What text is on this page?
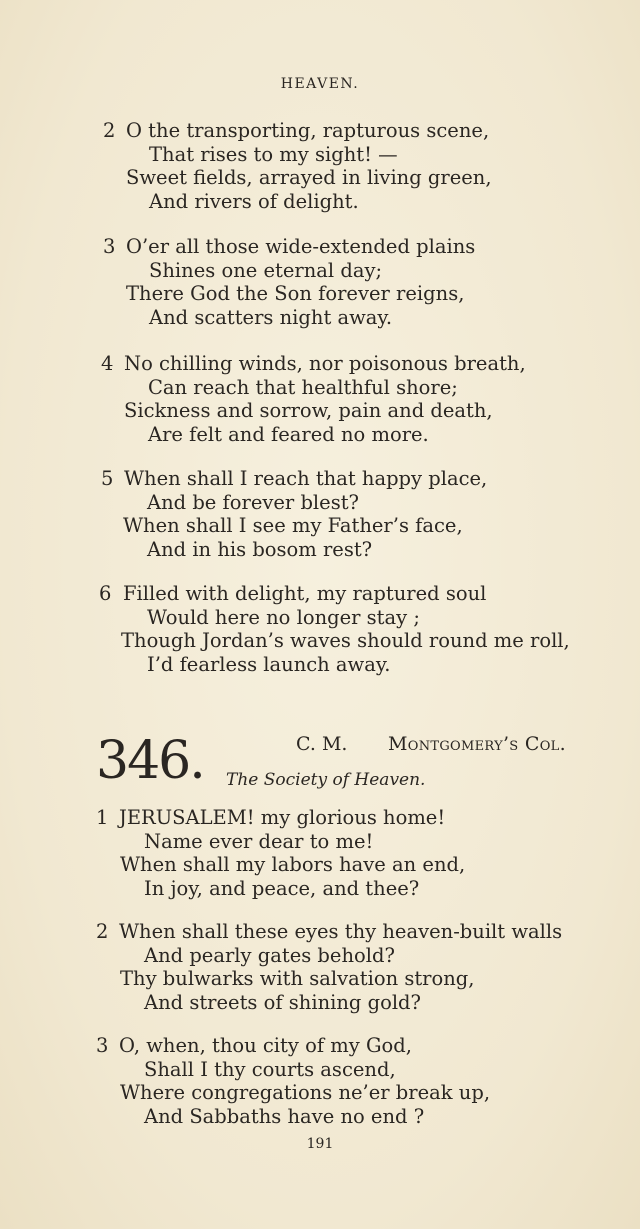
HEAVEN.
2 O the transporting, rapturous scene,
That rises to my sight! —
Sweet fields, arrayed in living green,
And rivers of delight.
3 O’er all those wide-extended plains
Shines one eternal day;
There God the Son forever reigns,
And scatters night away.
4 No chilling winds, nor poisonous breath,
Can reach that healthful shore;
Sickness and sorrow, pain and death,
Are felt and feared no more.
5 When shall I reach that happy place,
And be forever blest?
When shall I see my Father’s face,
And in his bosom rest?
6 Filled with delight, my raptured soul
Would here no longer stay ;
Though Jordan’s waves should round me roll,
I’d fearless launch away.
346.	C. M. Montgomery’s Col.
The Society of Heaven.
1 JERUSALEM! my glorious home!
Name ever dear to me!
When shall my labors have an end,
In joy, and peace, and thee?
2 When shall these eyes thy heaven-built walls
And pearly gates behold?
Thy bulwarks with salvation strong,
And streets of shining gold?
3 O, when, thou city of my God,
Shall I thy courts ascend,
Where congregations ne’er break up,
And Sabbaths have no end ?
191
